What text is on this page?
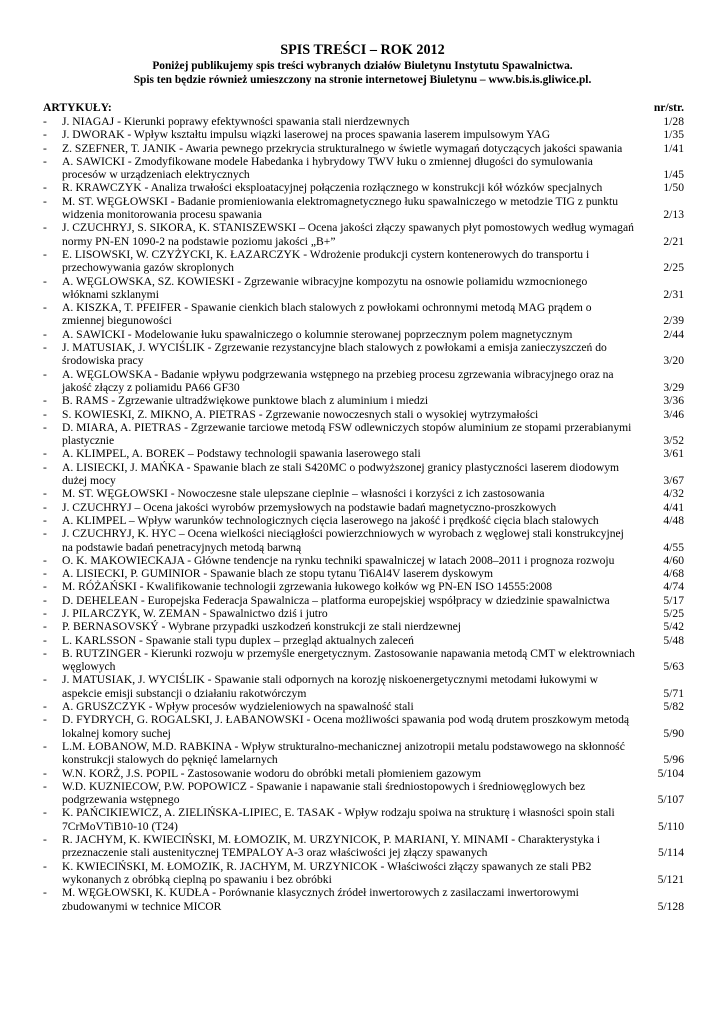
SPIS TREŚCI – ROK 2012
Poniżej publikujemy spis treści wybranych działów Biuletynu Instytutu Spawalnictwa.
Spis ten będzie również umieszczony na stronie internetowej Biuletynu – www.bis.is.gliwice.pl.
ARTYKUŁY:	nr/str.
- J. NIAGAJ - Kierunki poprawy efektywności spawania stali nierdzewnych	1/28
- J. DWORAK - Wpływ kształtu impulsu wiązki laserowej na proces spawania laserem impulsowym YAG	1/35
- Z. SZEFNER, T. JANIK - Awaria pewnego przekrycia strukturalnego w świetle wymagań dotyczących jakości spawania	1/41
- A. SAWICKI - Zmodyfikowane modele Habedanka i hybrydowy TWV łuku o zmiennej długości do symulowania procesów w urządzeniach elektrycznych	1/45
- R. KRAWCZYK - Analiza trwałości eksploatacyjnej połączenia rozłącznego w konstrukcji kół wózków specjalnych	1/50
- M. ST. WĘGŁOWSKI - Badanie promieniowania elektromagnetycznego łuku spawalniczego w metodzie TIG z punktu widzenia monitorowania procesu spawania	2/13
- J. CZUCHRYJ, S. SIKORA, K. STANISZEWSKI – Ocena jakości złączy spawanych płyt pomostowych według wymagań normy PN-EN 1090-2 na podstawie poziomu jakości „B+”	2/21
- E. LISOWSKI, W. CZYŻYCKI, K. ŁAZARCZYK - Wdrożenie produkcji cystern kontenerowych do transportu i przechowywania gazów skroplonych	2/25
- A. WĘGLOWSKA, SZ. KOWIESKI - Zgrzewanie wibracyjne kompozytu na osnowie poliamidu wzmocnionego włóknami szklanymi	2/31
- A. KISZKA, T. PFEIFER - Spawanie cienkich blach stalowych z powłokami ochronnymi metodą MAG prądem o zmiennej biegunowości	2/39
- A. SAWICKI - Modelowanie łuku spawalniczego o kolumnie sterowanej poprzecznym polem magnetycznym	2/44
- J. MATUSIAK, J. WYCIŚLIK - Zgrzewanie rezystancyjne blach stalowych z powłokami a emisja zanieczyszczeń do środowiska pracy	3/20
- A. WĘGLOWSKA - Badanie wpływu podgrzewania wstępnego na przebieg procesu zgrzewania wibracyjnego oraz na jakość złączy z poliamidu PA66 GF30	3/29
- B. RAMS - Zgrzewanie ultradźwiękowe punktowe blach z aluminium i miedzi	3/36
- S. KOWIESKI, Z. MIKNO, A. PIETRAS - Zgrzewanie nowoczesnych stali o wysokiej wytrzymałości	3/46
- D. MIARA, A. PIETRAS - Zgrzewanie tarciowe metodą FSW odlewniczych stopów aluminium ze stopami przerabianymi plastycznie	3/52
- A. KLIMPEL, A. BOREK – Podstawy technologii spawania laserowego stali	3/61
- A. LISIECKI, J. MAŃKA - Spawanie blach ze stali S420MC o podwyższonej granicy plastyczności laserem diodowym dużej mocy	3/67
- M. ST. WĘGŁOWSKI - Nowoczesne stale ulepszane cieplnie – własności i korzyści z ich zastosowania	4/32
- J. CZUCHRYJ – Ocena jakości wyrobów przemysłowych na podstawie badań magnetyczno-proszkowych	4/41
- A. KLIMPEL – Wpływ warunków technologicznych cięcia laserowego na jakość i prędkość cięcia blach stalowych	4/48
- J. CZUCHRYJ, K. HYC – Ocena wielkości nieciągłości powierzchniowych w wyrobach z węglowej stali konstrukcyjnej na podstawie badań penetracyjnych metodą barwną	4/55
- O. K. MAKOWIECKAJA - Główne tendencje na rynku techniki spawalniczej w latach 2008–2011 i prognoza rozwoju	4/60
- A. LISIECKI, P. GUMINIOR - Spawanie blach ze stopu tytanu Ti6Al4V laserem dyskowym	4/68
- M. RÓŻAŃSKI - Kwalifikowanie technologii zgrzewania łukowego kołków wg PN-EN ISO 14555:2008	4/74
- D. DEHELEAN - Europejska Federacja Spawalnicza – platforma europejskiej współpracy w dziedzinie spawalnictwa	5/17
- J. PILARCZYK, W. ZEMAN - Spawalnictwo dziś i jutro	5/25
- P. BERNASOVSKÝ - Wybrane przypadki uszkodzeń konstrukcji ze stali nierdzewnej	5/42
- L. KARLSSON - Spawanie stali typu duplex – przegląd aktualnych zaleceń	5/48
- B. RUTZINGER - Kierunki rozwoju w przemyśle energetycznym. Zastosowanie napawania metodą CMT w elektrowniach węglowych	5/63
- J. MATUSIAK, J. WYCIŚLIK - Spawanie stali odpornych na korozję niskoenergetycznymi metodami łukowymi w aspekcie emisji substancji o działaniu rakotwórczym	5/71
- A. GRUSZCZYK - Wpływ procesów wydzieleniowych na spawalność stali	5/82
- D. FYDRYCH, G. ROGALSKI, J. ŁABANOWSKI - Ocena możliwości spawania pod wodą drutem proszkowym metodą lokalnej komory suchej	5/90
- L.M. ŁOBANOW, M.D. RABKINA - Wpływ strukturalno-mechanicznej anizotropii metalu podstawowego na skłonność konstrukcji stalowych do pęknięć lamelarnych	5/96
- W.N. KORŻ, J.S. POPIL - Zastosowanie wodoru do obróbki metali płomieniem gazowym	5/104
- W.D. KUZNIECOW, P.W. POPOWICZ - Spawanie i napawanie stali średniostopowych i średniowęglowych bez podgrzewania wstępnego	5/107
- K. PAŃCIKIEWICZ, A. ZIELIŃSKA-LIPIEC, E. TASAK - Wpływ rodzaju spoiwa na strukturę i własności spoin stali 7CrMoVTiB10-10 (T24)	5/110
- R. JACHYM, K. KWIECIŃSKI, M. ŁOMOZIK, M. URZYNICOK, P. MARIANI, Y. MINAMI - Charakterystyka i przeznaczenie stali austenitycznej TEMPALOY A-3 oraz właściwości jej złączy spawanych	5/114
- K. KWIECIŃSKI, M. ŁOMOZIK, R. JACHYM, M. URZYNICOK - Właściwości złączy spawanych ze stali PB2 wykonanych z obróbką cieplną po spawaniu i bez obróbki	5/121
- M. WĘGŁOWSKI, K. KUDŁA - Porównanie klasycznych źródeł inwertorowych z zasilaczami inwertorowymi zbudowanymi w technice MICOR	5/128
